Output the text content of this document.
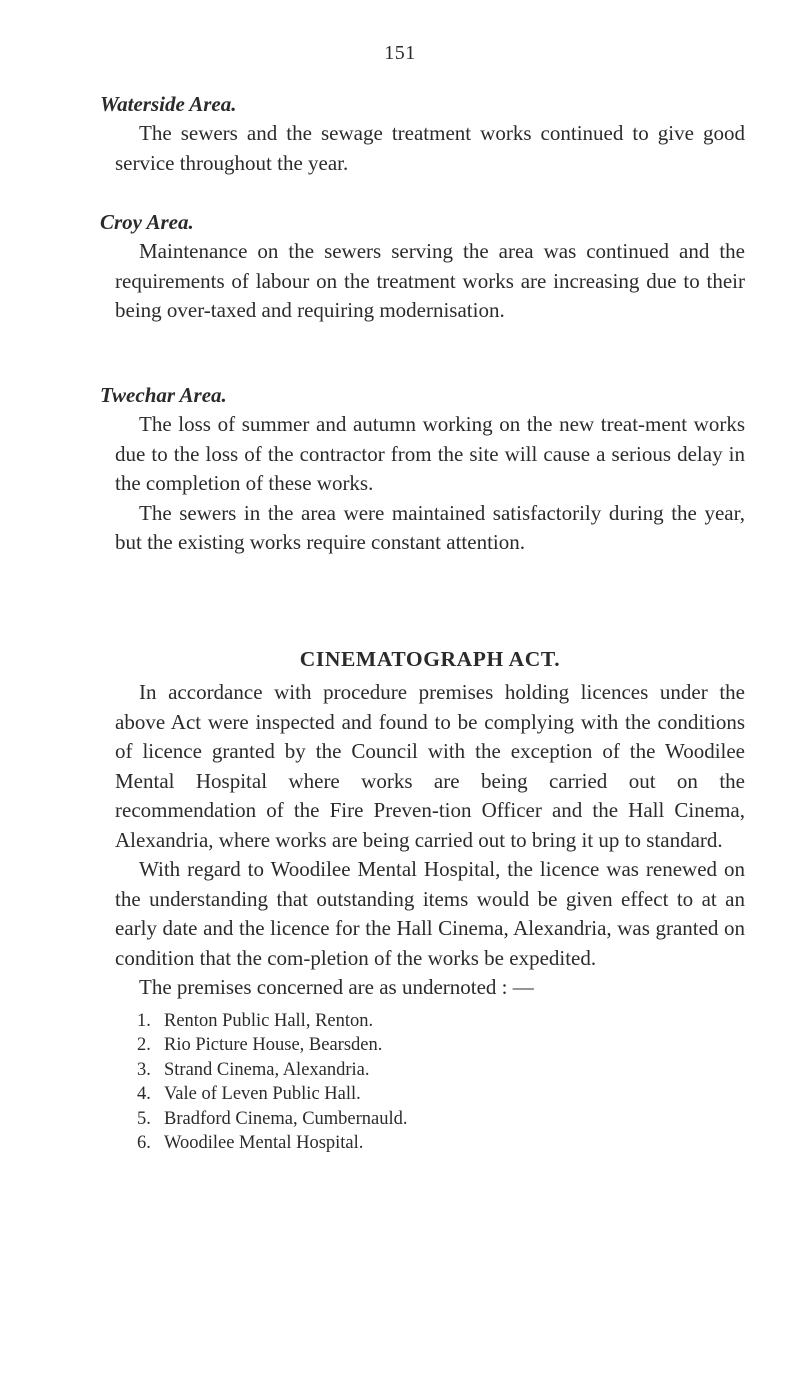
151
Waterside Area.

The sewers and the sewage treatment works continued to give good service throughout the year.

Croy Area.

Maintenance on the sewers serving the area was continued and the requirements of labour on the treatment works are increasing due to their being over-taxed and requiring modernisation.

Twechar Area.

The loss of summer and autumn working on the new treat-ment works due to the loss of the contractor from the site will cause a serious delay in the completion of these works.

The sewers in the area were maintained satisfactorily during the year, but the existing works require constant attention.

CINEMATOGRAPH ACT.

In accordance with procedure premises holding licences under the above Act were inspected and found to be complying with the conditions of licence granted by the Council with the exception of the Woodilee Mental Hospital where works are being carried out on the recommendation of the Fire Preven-tion Officer and the Hall Cinema, Alexandria, where works are being carried out to bring it up to standard.

With regard to Woodilee Mental Hospital, the licence was renewed on the understanding that outstanding items would be given effect to at an early date and the licence for the Hall Cinema, Alexandria, was granted on condition that the com-pletion of the works be expedited.

The premises concerned are as undernoted : —

1. Renton Public Hall, Renton.
2. Rio Picture House, Bearsden.
3. Strand Cinema, Alexandria.
4. Vale of Leven Public Hall.
5. Bradford Cinema, Cumbernauld.
6. Woodilee Mental Hospital.
